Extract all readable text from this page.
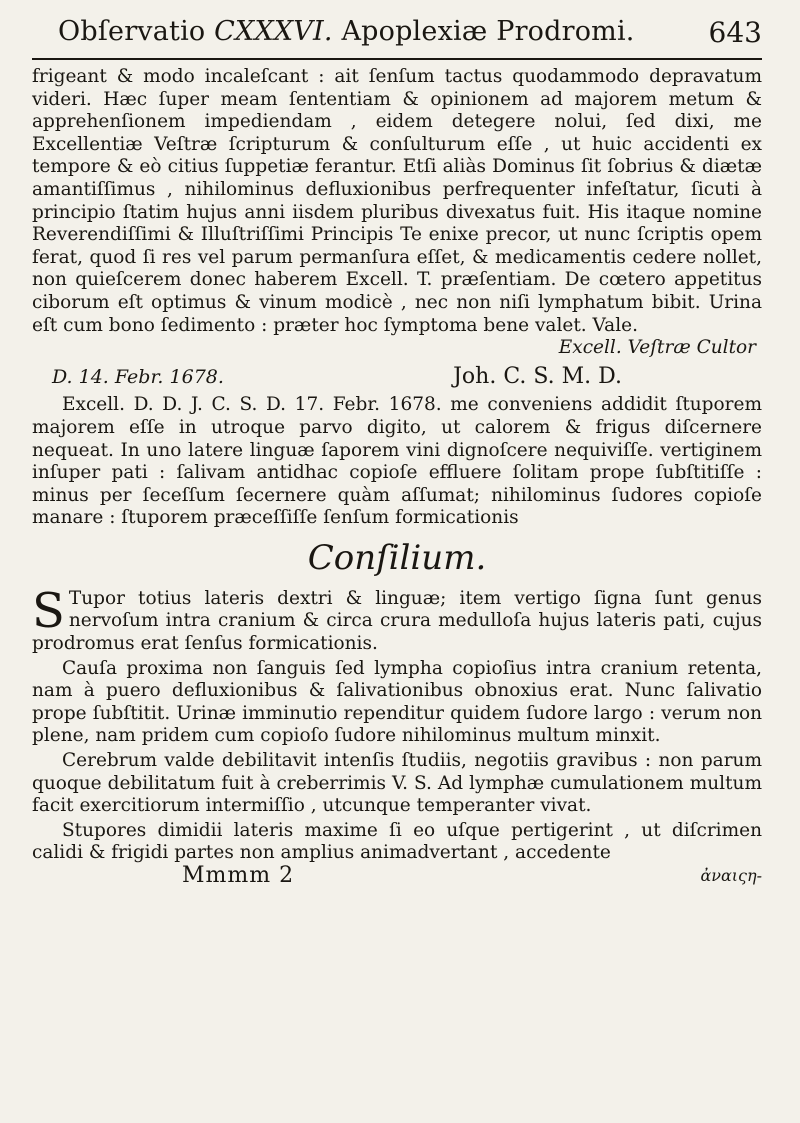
Obſervatio CXXXVI. Apoplexiæ Prodromi.	643

frigeant & modo incaleſcant : ait ſenſum tactus quodammodo depravatum videri. Hæc ſuper meam ſententiam & opinionem ad majorem metum & apprehenſionem impediendam , eidem detegere nolui, ſed dixi, me Excellentiæ Veſtræ ſcripturum & conſulturum eſſe , ut huic accidenti ex tempore & eò citius ſuppetiæ ferantur. Etſi aliàs Dominus ſit ſobrius & diætæ amantiſſimus , nihilominus defluxionibus perfrequenter infeſtatur, ſicuti à principio ſtatim hujus anni iisdem pluribus divexatus fuit. His itaque nomine Reverendiſſimi & Illuſtriſſimi Principis Te enixe precor, ut nunc ſcriptis opem ferat, quod ſi res vel parum permanſura eſſet, & medicamentis cedere nollet, non quieſcerem donec haberem Excell. T. præſentiam. De cœtero appetitus ciborum eſt optimus & vinum modicè , nec non niſi lymphatum bibit. Urina eſt cum bono ſedimento : præter hoc ſymptoma bene valet. Vale.

Excell. Veſtræ Cultor

D. 14. Febr. 1678.	Joh. C. S. M. D.

Excell. D. D. J. C. S. D. 17. Febr. 1678. me conveniens addidit ſtuporem majorem eſſe in utroque parvo digito, ut calorem & frigus diſcernere nequeat. In uno latere linguæ ſaporem vini dignoſcere nequiviſſe. vertiginem inſuper pati : ſalivam antidhac copioſe effluere ſolitam prope ſubſtitiſſe : minus per ſeceſſum ſecernere quàm aſſumat; nihilominus ſudores copioſe manare : ſtuporem præceſſiſſe ſenſum formicationis

Conſilium.

S Tupor totius lateris dextri & linguæ; item vertigo ſigna ſunt genus nervoſum intra cranium & circa crura medulloſa hujus lateris pati, cujus prodromus erat ſenſus formicationis.

Cauſa proxima non ſanguis ſed lympha copioſius intra cranium retenta, nam à puero defluxionibus & ſalivationibus obnoxius erat. Nunc ſalivatio prope ſubſtitit. Urinæ imminutio rependitur quidem ſudore largo : verum non plene, nam pridem cum copioſo ſudore nihilominus multum minxit.

Cerebrum valde debilitavit intenſis ſtudiis, negotiis gravibus : non parum quoque debilitatum fuit à creberrimis V. S. Ad lymphæ cumulationem multum facit exercitiorum intermiſſio , utcunque temperanter vivat.

Stupores dimidii lateris maxime ſi eo uſque pertigerint , ut diſcrimen calidi & frigidi partes non amplius animadvertant , accedente

Mmmm 2	ἀναιςη-
